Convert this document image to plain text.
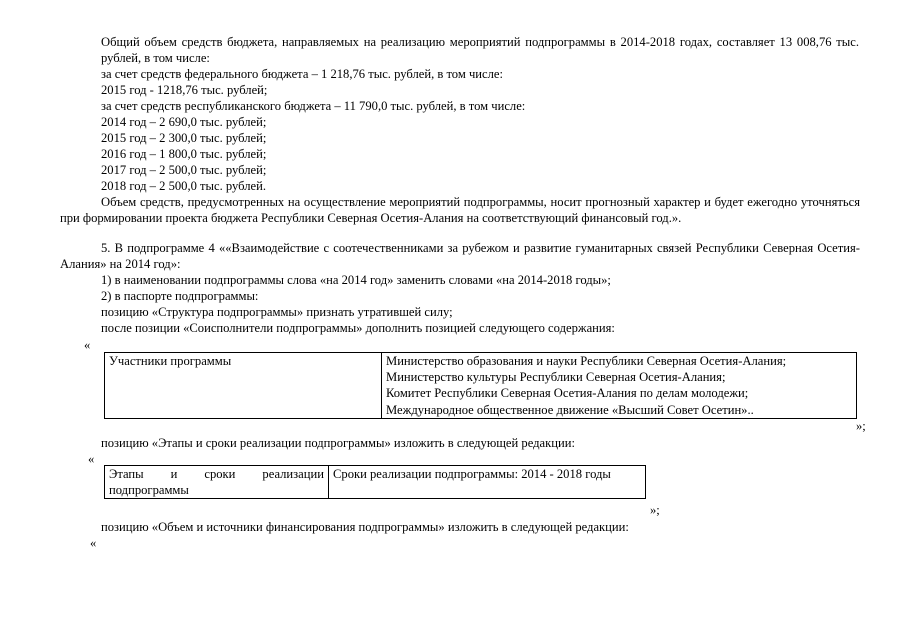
Общий объем средств бюджета, направляемых на реализацию мероприятий подпрограммы в 2014-2018 годах, составляет 13 008,76 тыс. рублей, в том числе:

за счет средств федерального бюджета – 1 218,76 тыс. рублей, в том числе:

2015 год - 1218,76 тыс. рублей;

за счет средств республиканского бюджета – 11 790,0 тыс. рублей, в том числе:

2014 год – 2 690,0 тыс. рублей;

2015 год – 2 300,0 тыс. рублей;

2016 год – 1 800,0 тыс. рублей;

2017 год – 2 500,0 тыс. рублей;

2018 год – 2 500,0 тыс. рублей.

Объем средств, предусмотренных на осуществление мероприятий подпрограммы, носит прогнозный характер и будет ежегодно уточняться при формировании проекта бюджета Республики Северная Осетия-Алания на соответствующий финансовый год.».

5. В подпрограмме 4 ««Взаимодействие с соотечественниками за рубежом и развитие гуманитарных связей Республики Северная Осетия-Алания» на 2014 год»:

1) в наименовании подпрограммы слова «на 2014 год» заменить словами «на 2014-2018 годы»;

2) в паспорте подпрограммы:

позицию «Структура подпрограммы» признать утратившей силу;

после позиции «Соисполнители подпрограммы» дополнить позицией следующего содержания:

«
Участники программы	Министерство образования и науки Республики Северная Осетия-Алания;
Министерство культуры Республики Северная Осетия-Алания;
Комитет Республики Северная Осетия-Алания по делам молодежи;
Международное общественное движение «Высший Совет Осетин»..
»;

позицию «Этапы и сроки реализации подпрограммы» изложить в следующей редакции:

«
Этапы и сроки реализации
подпрограммы
	Сроки реализации подпрограммы: 2014 - 2018 годы
»;

позицию «Объем и источники финансирования подпрограммы» изложить в следующей редакции:

«
